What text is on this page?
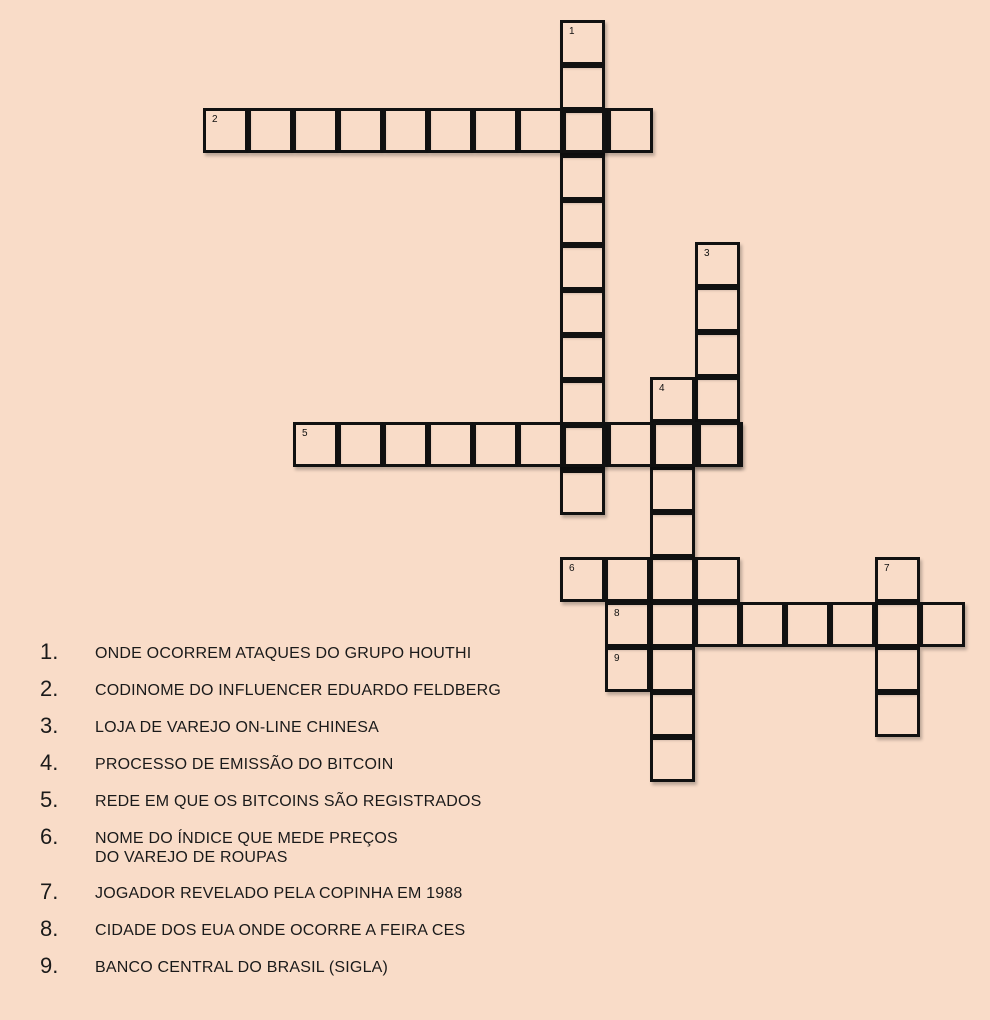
1
2
3
4
5
6	7
8
9
1.	ONDE OCORREM ATAQUES DO GRUPO HOUTHI
2.	CODINOME DO INFLUENCER EDUARDO FELDBERG
3.	LOJA DE VAREJO ON-LINE CHINESA
4.	PROCESSO DE EMISSÃO DO BITCOIN
5.	REDE EM QUE OS BITCOINS SÃO REGISTRADOS
6.	NOME DO ÍNDICE QUE MEDE PREÇOS
DO VAREJO DE ROUPAS
7.	JOGADOR REVELADO PELA COPINHA EM 1988
8.	CIDADE DOS EUA ONDE OCORRE A FEIRA CES
9.	BANCO CENTRAL DO BRASIL (SIGLA)
